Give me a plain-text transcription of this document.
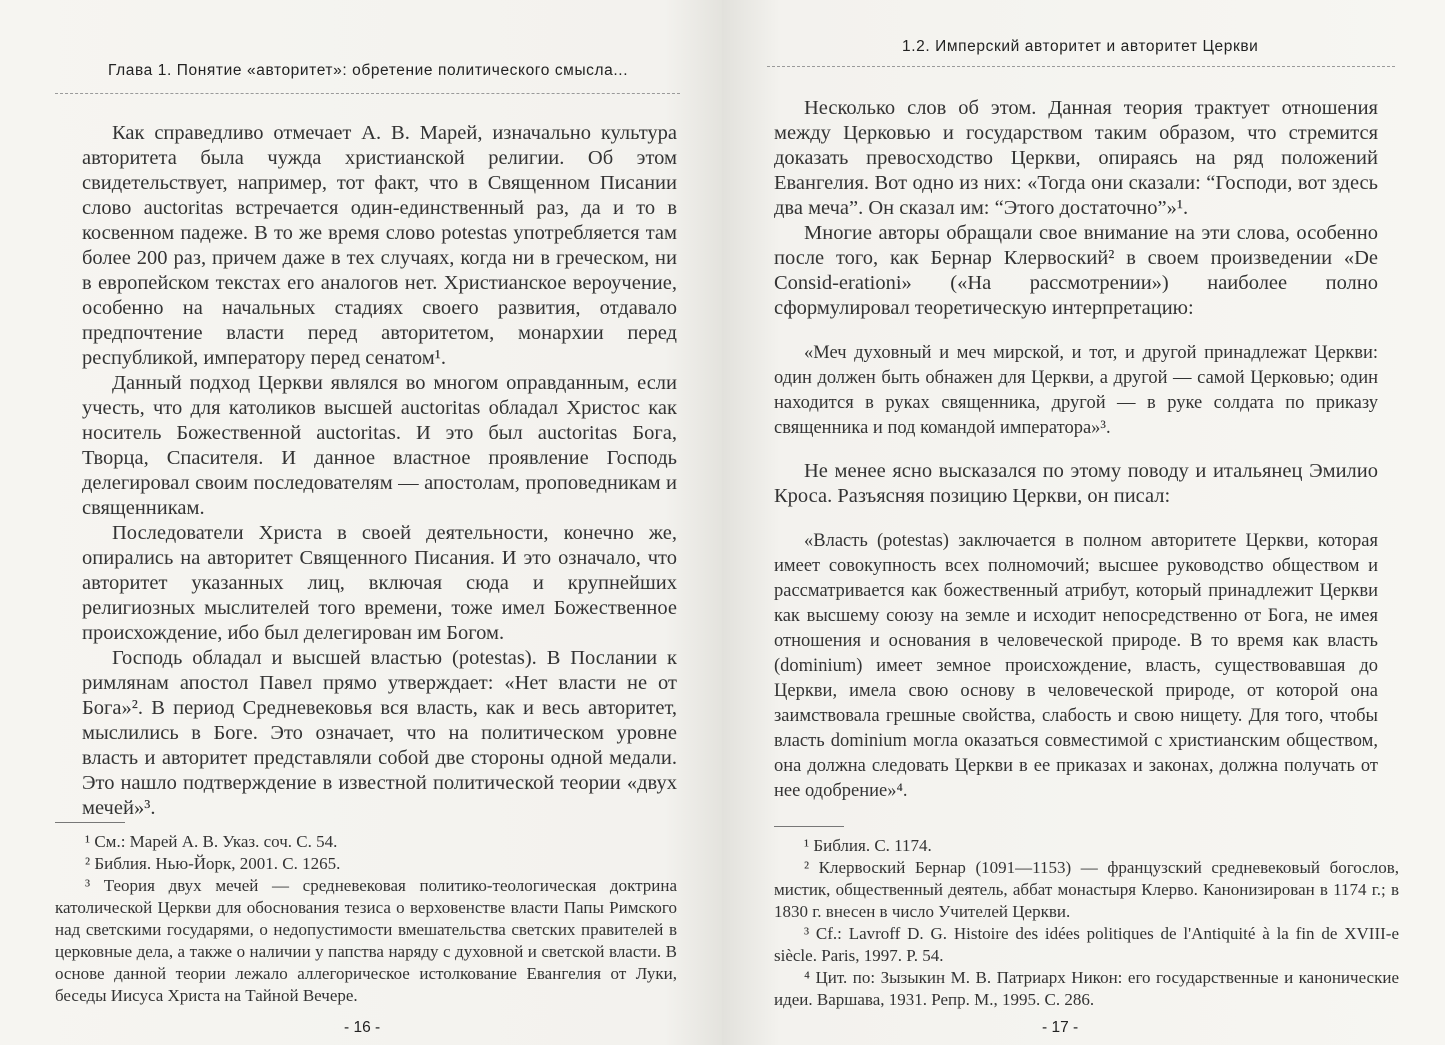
Глава 1. Понятие «авторитет»: обретение политического смысла...

Как справедливо отмечает А. В. Марей, изначально культура авторитета была чужда христианской религии. Об этом свидетельствует, например, тот факт, что в Священном Писании слово auctoritas встречается один-единственный раз, да и то в косвенном падеже. В то же время слово potestas употребляется там более 200 раз, причем даже в тех случаях, когда ни в греческом, ни в европейском текстах его аналогов нет. Христианское вероучение, особенно на начальных стадиях своего развития, отдавало предпочтение власти перед авторитетом, монархии перед республикой, императору перед сенатом¹.

Данный подход Церкви являлся во многом оправданным, если учесть, что для католиков высшей auctoritas обладал Христос как носитель Божественной auctoritas. И это был auctoritas Бога, Творца, Спасителя. И данное властное проявление Господь делегировал своим последователям — апостолам, проповедникам и священникам.

Последователи Христа в своей деятельности, конечно же, опирались на авторитет Священного Писания. И это означало, что авторитет указанных лиц, включая сюда и крупнейших религиозных мыслителей того времени, тоже имел Божественное происхождение, ибо был делегирован им Богом.

Господь обладал и высшей властью (potestas). В Послании к римлянам апостол Павел прямо утверждает: «Нет власти не от Бога»². В период Средневековья вся власть, как и весь авторитет, мыслились в Боге. Это означает, что на политическом уровне власть и авторитет представляли собой две стороны одной медали. Это нашло подтверждение в известной политической теории «двух мечей»³.

¹ См.: Марей А. В. Указ. соч. С. 54.

² Библия. Нью-Йорк, 2001. С. 1265.

³ Теория двух мечей — средневековая политико-теологическая доктрина католической Церкви для обоснования тезиса о верховенстве власти Папы Римского над светскими государями, о недопустимости вмешательства светских правителей в церковные дела, а также о наличии у папства наряду с духовной и светской власти. В основе данной теории лежало аллегорическое истолкование Евангелия от Луки, беседы Иисуса Христа на Тайной Вечере.

- 16 -
1.2. Имперский авторитет и авторитет Церкви

Несколько слов об этом. Данная теория трактует отношения между Церковью и государством таким образом, что стремится доказать превосходство Церкви, опираясь на ряд положений Евангелия. Вот одно из них: «Тогда они сказали: “Господи, вот здесь два меча”. Он сказал им: “Этого достаточно”»¹.

Многие авторы обращали свое внимание на эти слова, особенно после того, как Бернар Клервоский² в своем произведении «De Consid-erationi» («На рассмотрении») наиболее полно сформулировал теоретическую интерпретацию:

«Меч духовный и меч мирской, и тот, и другой принадлежат Церкви: один должен быть обнажен для Церкви, а другой — самой Церковью; один находится в руках священника, другой — в руке солдата по приказу священника и под командой императора»³.

Не менее ясно высказался по этому поводу и итальянец Эмилио Кроса. Разъясняя позицию Церкви, он писал:

«Власть (potestas) заключается в полном авторитете Церкви, которая имеет совокупность всех полномочий; высшее руководство обществом и рассматривается как божественный атрибут, который принадлежит Церкви как высшему союзу на земле и исходит непосредственно от Бога, не имея отношения и основания в человеческой природе. В то время как власть (dominium) имеет земное происхождение, власть, существовавшая до Церкви, имела свою основу в человеческой природе, от которой она заимствовала грешные свойства, слабость и свою нищету. Для того, чтобы власть dominium могла оказаться совместимой с христианским обществом, она должна следовать Церкви в ее приказах и законах, должна получать от нее одобрение»⁴.

¹ Библия. С. 1174.

² Клервоский Бернар (1091—1153) — французский средневековый богослов, мистик, общественный деятель, аббат монастыря Клерво. Канонизирован в 1174 г.; в 1830 г. внесен в число Учителей Церкви.

³ Cf.: Lavroff D. G. Histoire des idées politiques de l'Antiquité à la fin de XVIII-e siècle. Paris, 1997. P. 54.

⁴ Цит. по: Зызыкин М. В. Патриарх Никон: его государственные и канонические идеи. Варшава, 1931. Репр. М., 1995. С. 286.

- 17 -
